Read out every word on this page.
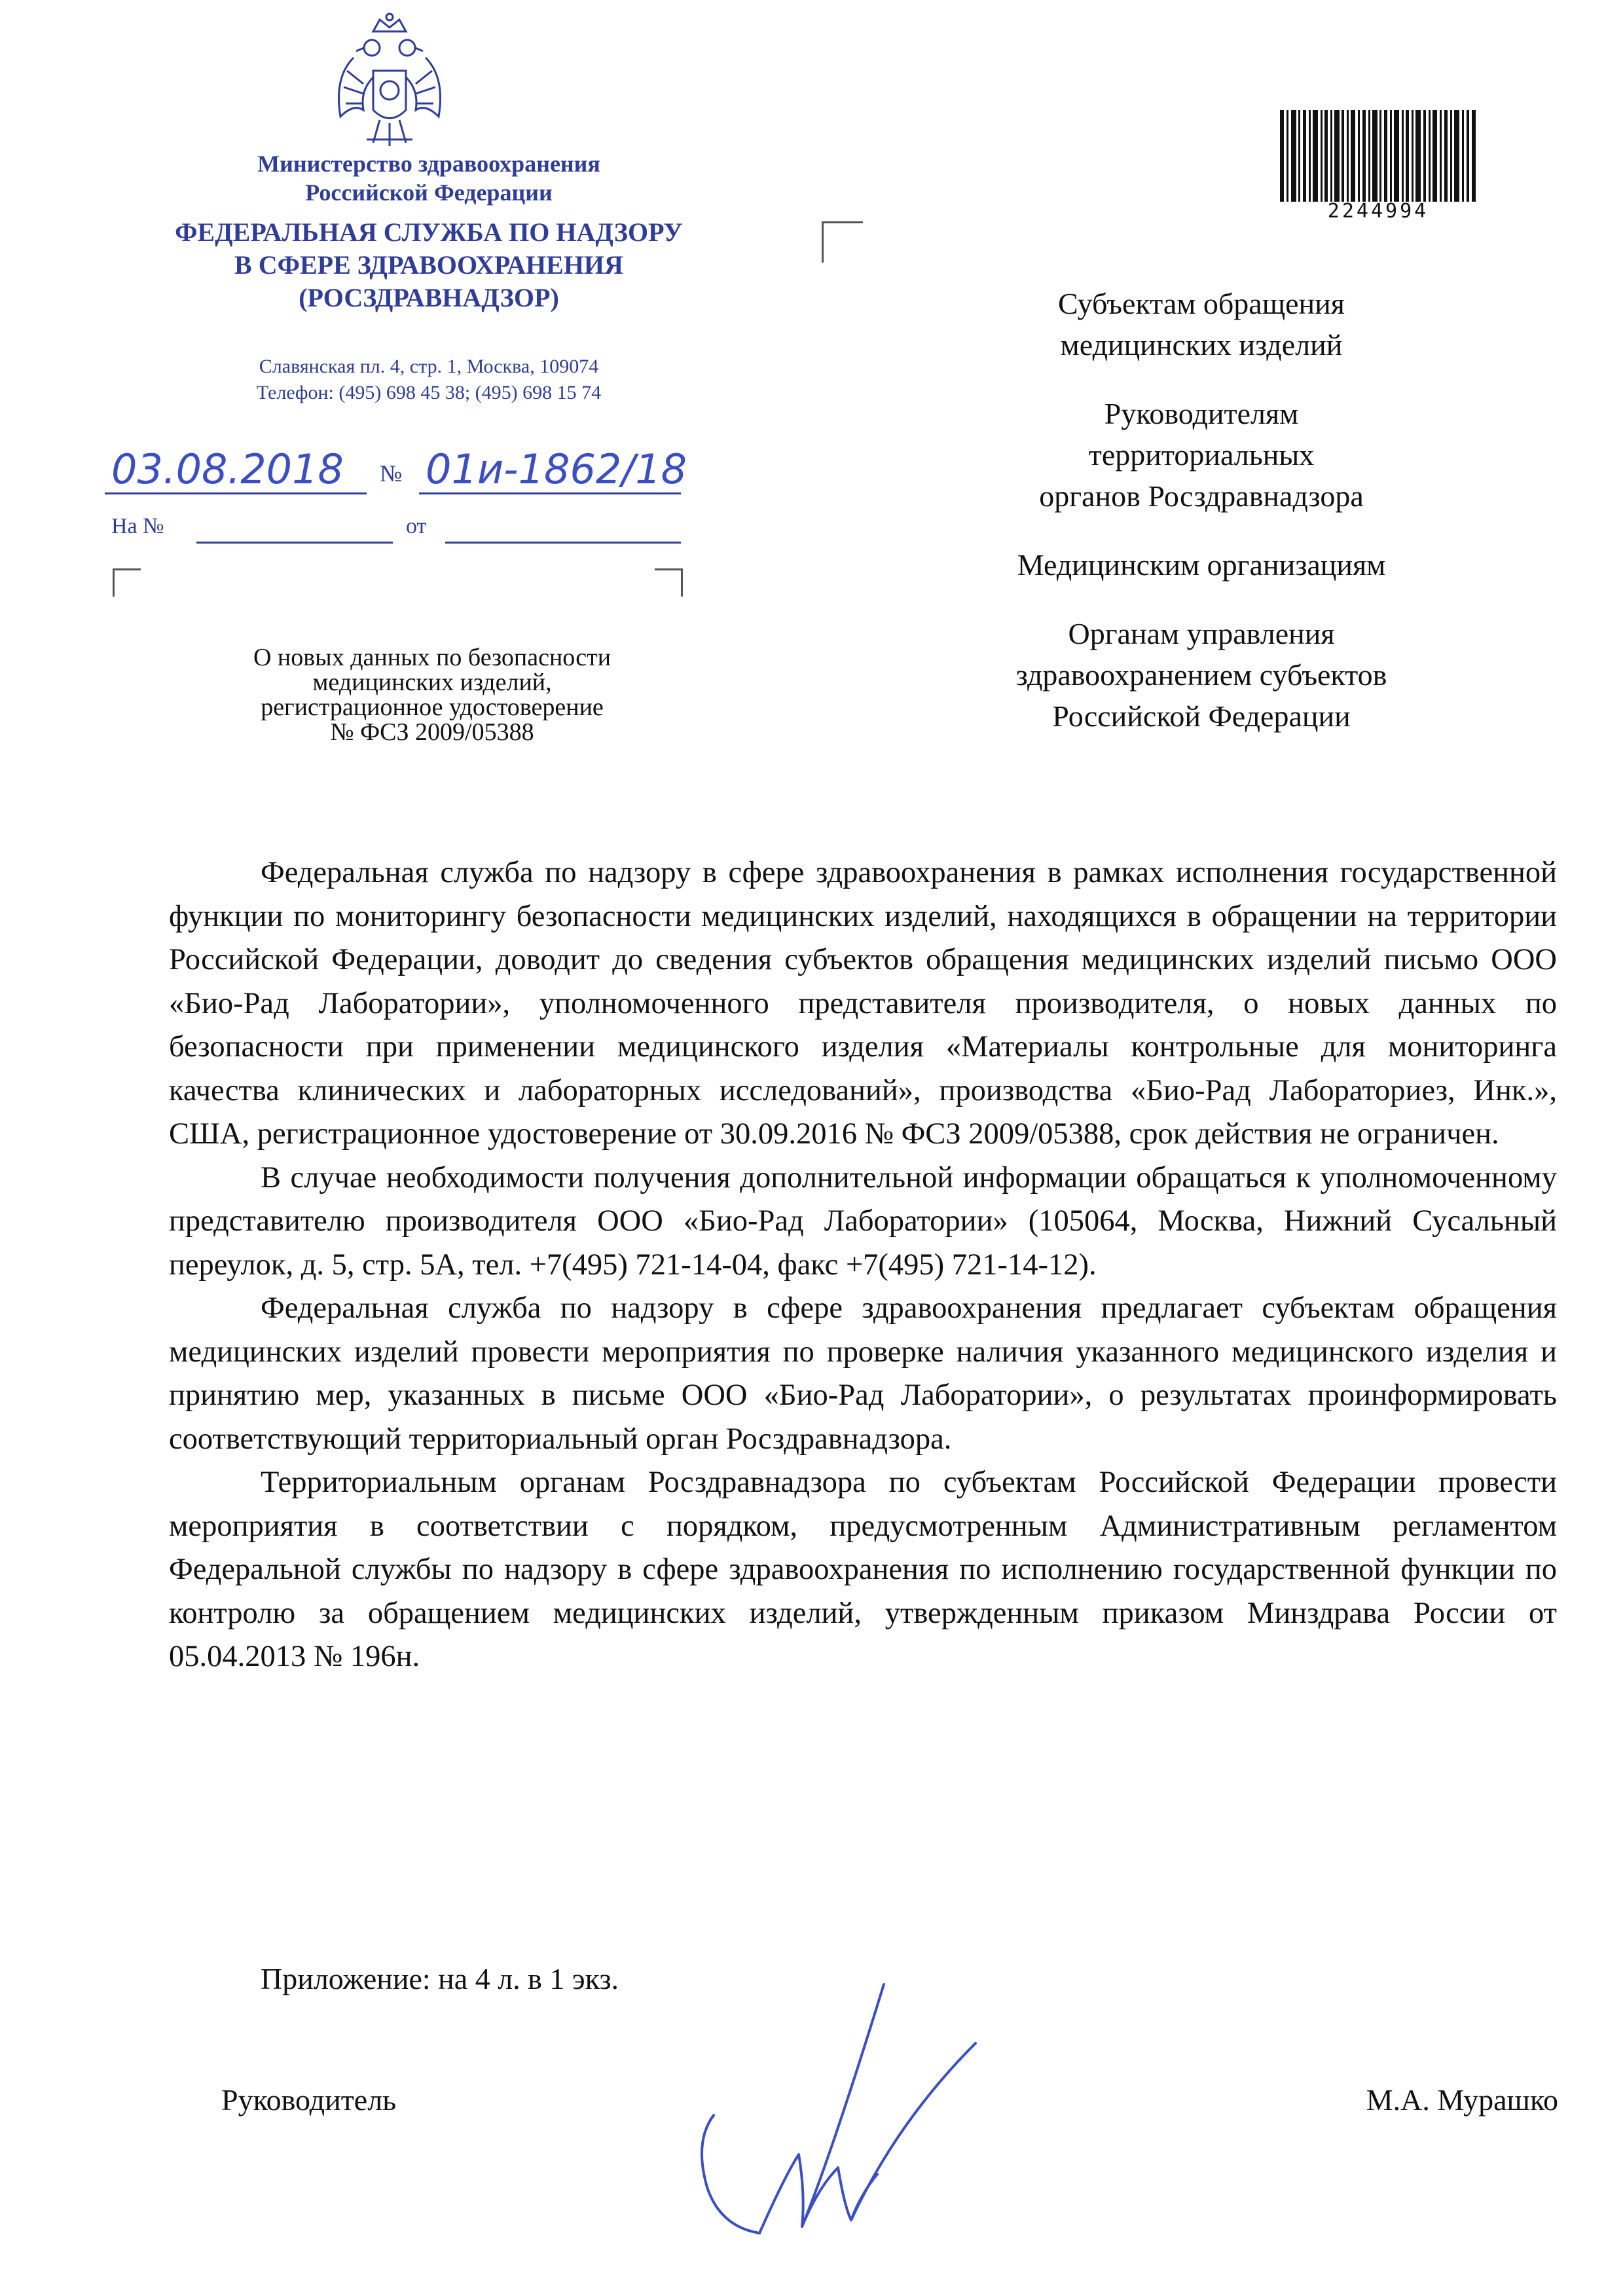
Министерство здравоохранения
Российской Федерации
ФЕДЕРАЛЬНАЯ СЛУЖБА ПО НАДЗОРУ
В СФЕРЕ ЗДРАВООХРАНЕНИЯ
(РОСЗДРАВНАДЗОР)
Славянская пл. 4, стр. 1, Москва, 109074
Телефон: (495) 698 45 38; (495) 698 15 74
03.08.2018 № 01и-1862/18
На №	от
О новых данных по безопасности
медицинских изделий,
регистрационное удостоверение
№ ФСЗ 2009/05388
2244994
Субъектам обращения
медицинских изделий
Руководителям
территориальных
органов Росздравнадзора
Медицинским организациям
Органам управления
здравоохранением субъектов
Российской Федерации

Федеральная служба по надзору в сфере здравоохранения в рамках исполнения государственной функции по мониторингу безопасности медицинских изделий, находящихся в обращении на территории Российской Федерации, доводит до сведения субъектов обращения медицинских изделий письмо ООО «Био-Рад Лаборатории», уполномоченного представителя производителя, о новых данных по безопасности при применении медицинского изделия «Материалы контрольные для мониторинга качества клинических и лабораторных исследований», производства «Био-Рад Лабораториез, Инк.», США, регистрационное удостоверение от 30.09.2016 № ФСЗ 2009/05388, срок действия не ограничен.

В случае необходимости получения дополнительной информации обращаться к уполномоченному представителю производителя ООО «Био-Рад Лаборатории» (105064, Москва, Нижний Сусальный переулок, д. 5, стр. 5А, тел. +7(495) 721-14-04, факс +7(495) 721-14-12).

Федеральная служба по надзору в сфере здравоохранения предлагает субъектам обращения медицинских изделий провести мероприятия по проверке наличия указанного медицинского изделия и принятию мер, указанных в письме ООО «Био-Рад Лаборатории», о результатах проинформировать соответствующий территориальный орган Росздравнадзора.

Территориальным органам Росздравнадзора по субъектам Российской Федерации провести мероприятия в соответствии с порядком, предусмотренным Административным регламентом Федеральной службы по надзору в сфере здравоохранения по исполнению государственной функции по контролю за обращением медицинских изделий, утвержденным приказом Минздрава России от 05.04.2013 № 196н.

Приложение: на 4 л. в 1 экз.
Руководитель	М.А. Мурашко
